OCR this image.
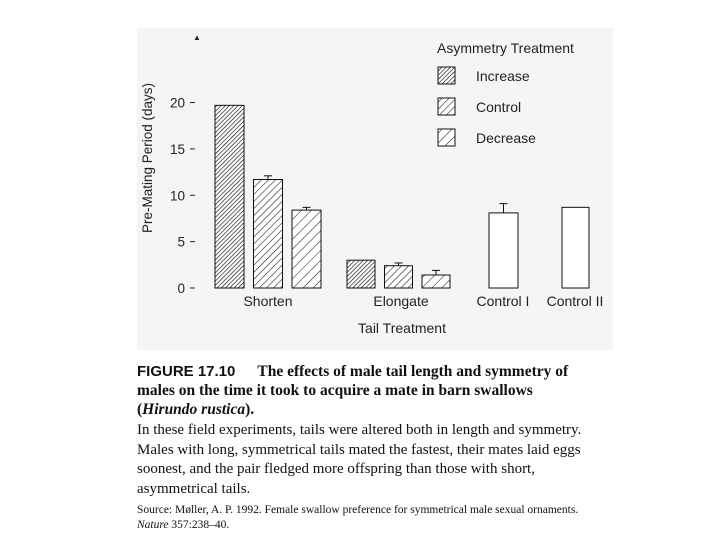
0
5
10
15
20
Pre-Mating Period (days)
Shorten	Elongate	Control I Control II
Tail Treatment
Asymmetry Treatment
Increase
Control
Decrease
▲
FIGURE 17.10 The effects of male tail length and symmetry of males on the time it took to acquire a mate in barn swallows (Hirundo rustica).
In these field experiments, tails were altered both in length and symmetry. Males with long, symmetrical tails mated the fastest, their mates laid eggs soonest, and the pair fledged more offspring than those with short, asymmetrical tails.
Source: Møller, A. P. 1992. Female swallow preference for symmetrical male sexual ornaments. Nature 357:238–40.
